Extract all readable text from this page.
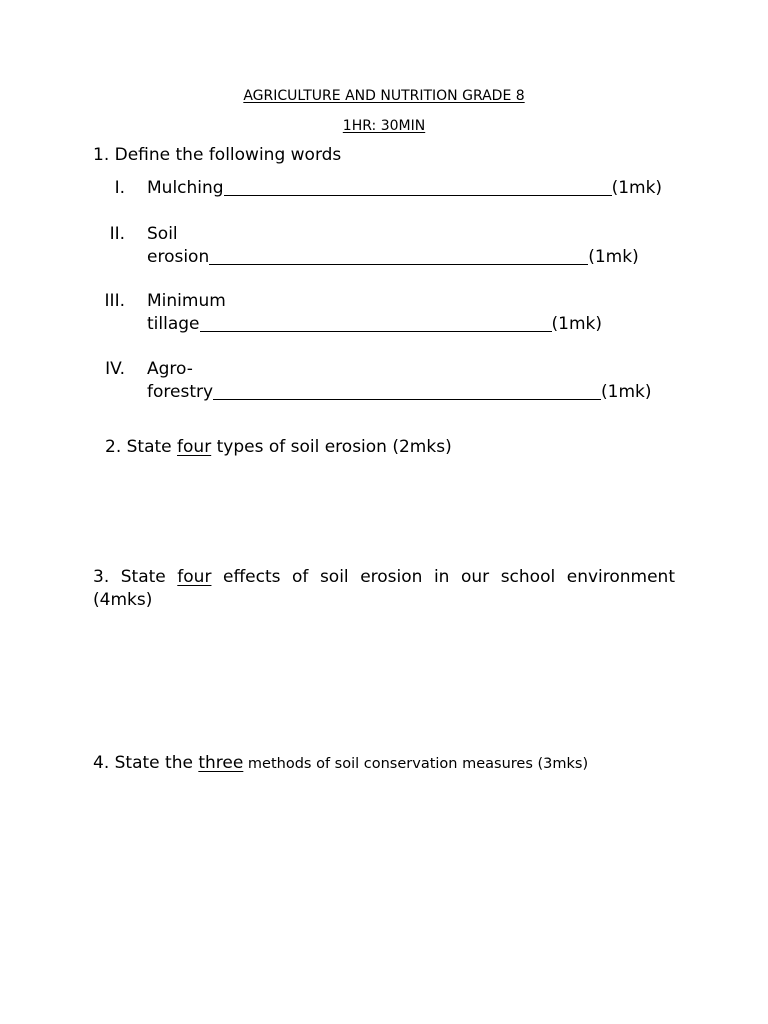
AGRICULTURE AND NUTRITION GRADE 8
1HR: 30MIN
1. Define the following words
I. Mulching	(1mk)
II. Soil
erosion	(1mk)
III. Minimum
tillage	(1mk)
IV. Agro-
forestry	(1mk)
2. State four types of soil erosion (2mks)
3. State four effects of soil erosion in our school environment (4mks)
4. State the three methods of soil conservation measures (3mks)
